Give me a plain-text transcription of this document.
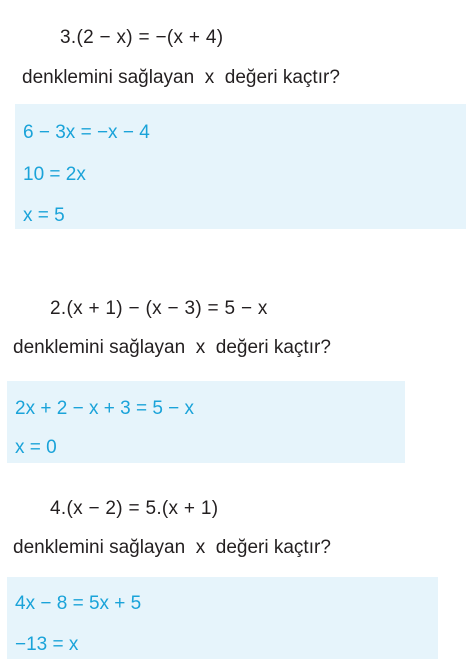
3.(2 − x) = −(x + 4)
denklemini sağlayan  x  değeri kaçtır?
6 − 3x = −x − 4
10 = 2x
x = 5
2.(x + 1) − (x − 3) = 5 − x
denklemini sağlayan  x  değeri kaçtır?
2x + 2 − x + 3 = 5 − x
x = 0
4.(x − 2) = 5.(x + 1)
denklemini sağlayan  x  değeri kaçtır?
4x − 8 = 5x + 5
−13 = x
